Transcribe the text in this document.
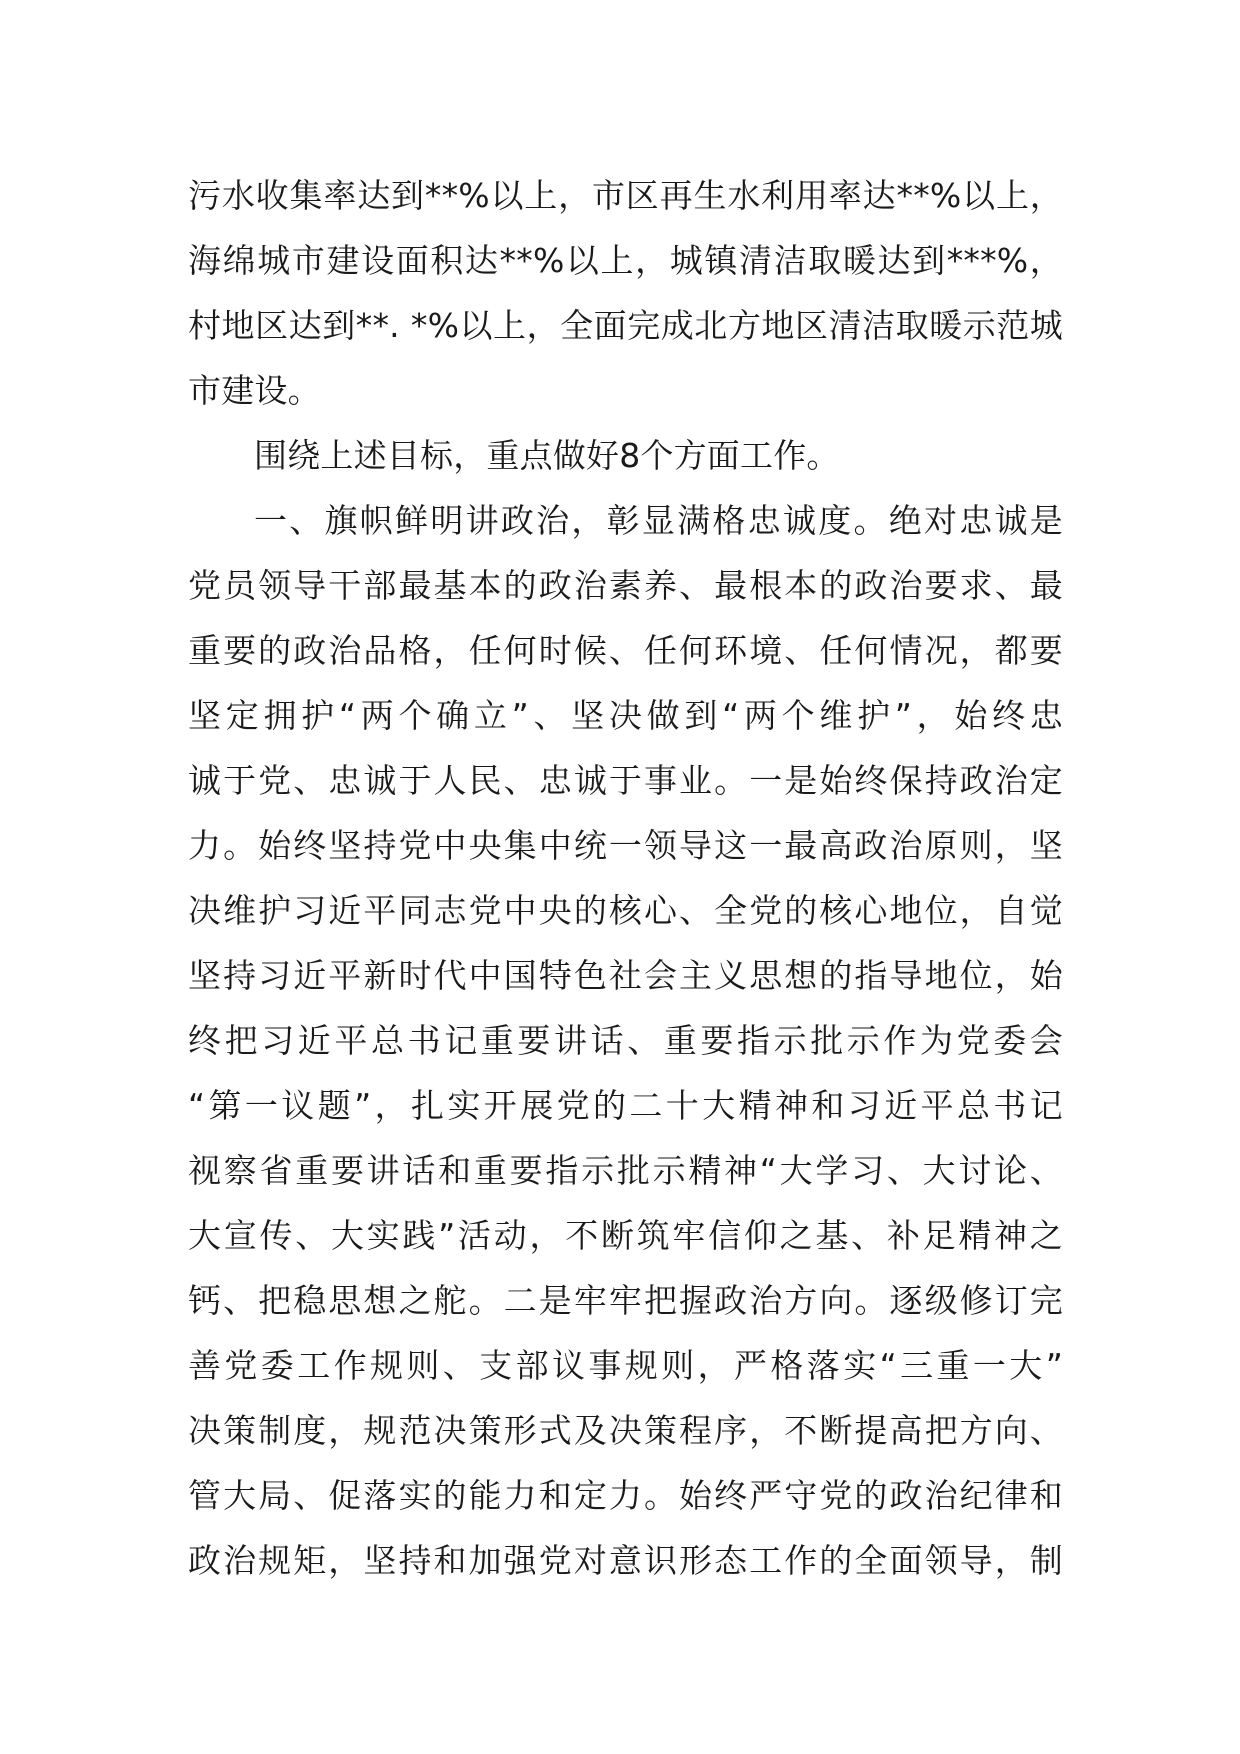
污水收集率达到**%以上，市区再生水利用率达**%以上，
海绵城市建设面积达**%以上，城镇清洁取暖达到***%，
村地区达到**. *%以上，全面完成北方地区清洁取暖示范城
市建设。
围绕上述目标，重点做好8个方面工作。
一、旗帜鲜明讲政治，彰显满格忠诚度。绝对忠诚是
党员领导干部最基本的政治素养、最根本的政治要求、最
重要的政治品格，任何时候、任何环境、任何情况，都要
坚定拥护“两个确立”、坚决做到“两个维护”，始终忠
诚于党、忠诚于人民、忠诚于事业。一是始终保持政治定
力。始终坚持党中央集中统一领导这一最高政治原则，坚
决维护习近平同志党中央的核心、全党的核心地位，自觉
坚持习近平新时代中国特色社会主义思想的指导地位，始
终把习近平总书记重要讲话、重要指示批示作为党委会
“第一议题”，扎实开展党的二十大精神和习近平总书记
视察省重要讲话和重要指示批示精神“大学习、大讨论、
大宣传、大实践”活动，不断筑牢信仰之基、补足精神之
钙、把稳思想之舵。二是牢牢把握政治方向。逐级修订完
善党委工作规则、支部议事规则，严格落实“三重一大”
决策制度，规范决策形式及决策程序，不断提高把方向、
管大局、促落实的能力和定力。始终严守党的政治纪律和
政治规矩，坚持和加强党对意识形态工作的全面领导，制
